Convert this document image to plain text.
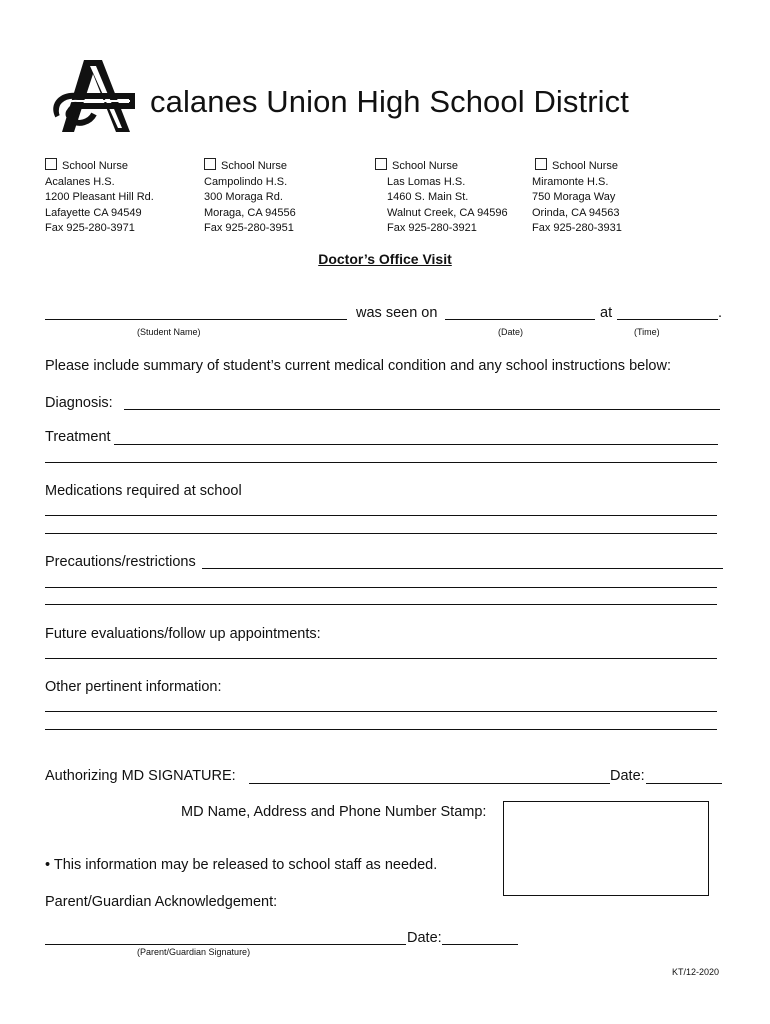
calanes Union High School District
School Nurse
Acalanes H.S.
1200 Pleasant Hill Rd.
Lafayette CA 94549
Fax 925-280-3971
School Nurse
Campolindo H.S.
300 Moraga Rd.
Moraga, CA 94556
Fax 925-280-3951
School Nurse
Las Lomas H.S.
1460 S. Main St.
Walnut Creek, CA 94596
Fax 925-280-3921
School Nurse
Miramonte H.S.
750 Moraga Way
Orinda, CA 94563
Fax 925-280-3931
Doctor’s Office Visit
was seen on	at	.
(Student Name)	(Date)	(Time)
Please include summary of student’s current medical condition and any school instructions below:
Diagnosis:
Treatment
Medications required at school
Precautions/restrictions
Future evaluations/follow up appointments:
Other pertinent information:
Authorizing MD SIGNATURE:	Date:
MD Name, Address and Phone Number Stamp:
• This information may be released to school staff as needed.
Parent/Guardian Acknowledgement:
Date:
(Parent/Guardian Signature)
KT/12-2020
